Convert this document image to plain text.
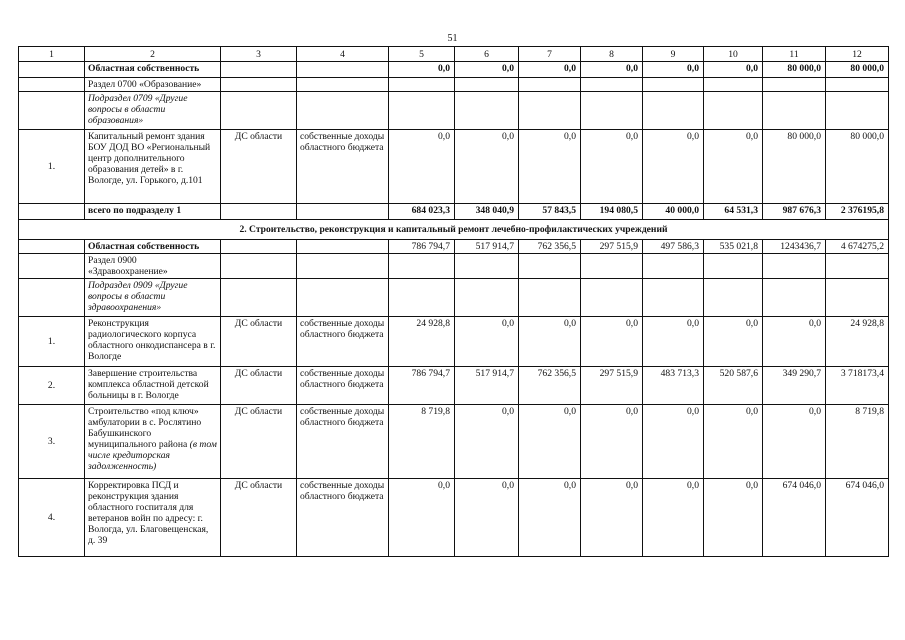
51
1	2	3	4	5	6	7	8	9	10	11	12
	Областная собственность			0,0	0,0	0,0	0,0	0,0	0,0	80 000,0	80 000,0
	Раздел 0700 «Образование»										
	Подраздел 0709 «Другие вопросы в области образования»										
1.	Капитальный ремонт здания БОУ ДОД ВО «Региональный центр дополнительного образования детей» в г. Вологде, ул. Горького, д.101	ДС области	собственные доходы областного бюджета	0,0	0,0	0,0	0,0	0,0	0,0	80 000,0	80 000,0
	всего по подразделу 1			684 023,3	348 040,9	57 843,5	194 080,5	40 000,0	64 531,3	987 676,3	2 376195,8
2. Строительство, реконструкция и капитальный ремонт лечебно-профилактических учреждений											
	Областная собственность			786 794,7	517 914,7	762 356,5	297 515,9	497 586,3	535 021,8	1243436,7	4 674275,2
	Раздел 0900 «Здравоохранение»										
	Подраздел 0909 «Другие вопросы в области здравоохранения»										
1.	Реконструкция радиологического корпуса областного онкодиспансера в г. Вологде	ДС области	собственные доходы областного бюджета	24 928,8	0,0	0,0	0,0	0,0	0,0	0,0	24 928,8
2.	Завершение строительства комплекса областной детской больницы в г. Вологде	ДС области	собственные доходы областного бюджета	786 794,7	517 914,7	762 356,5	297 515,9	483 713,3	520 587,6	349 290,7	3 718173,4
3.	Строительство «под ключ» амбулатории в с. Рослятино Бабушкинского муниципального района (в том числе кредиторская задолженность)	ДС области	собственные доходы областного бюджета	8 719,8	0,0	0,0	0,0	0,0	0,0	0,0	8 719,8
4.	Корректировка ПСД и реконструкция здания областного госпиталя для ветеранов войн по адресу: г. Вологда, ул. Благовещенская, д. 39	ДС области	собственные доходы областного бюджета	0,0	0,0	0,0	0,0	0,0	0,0	674 046,0	674 046,0
